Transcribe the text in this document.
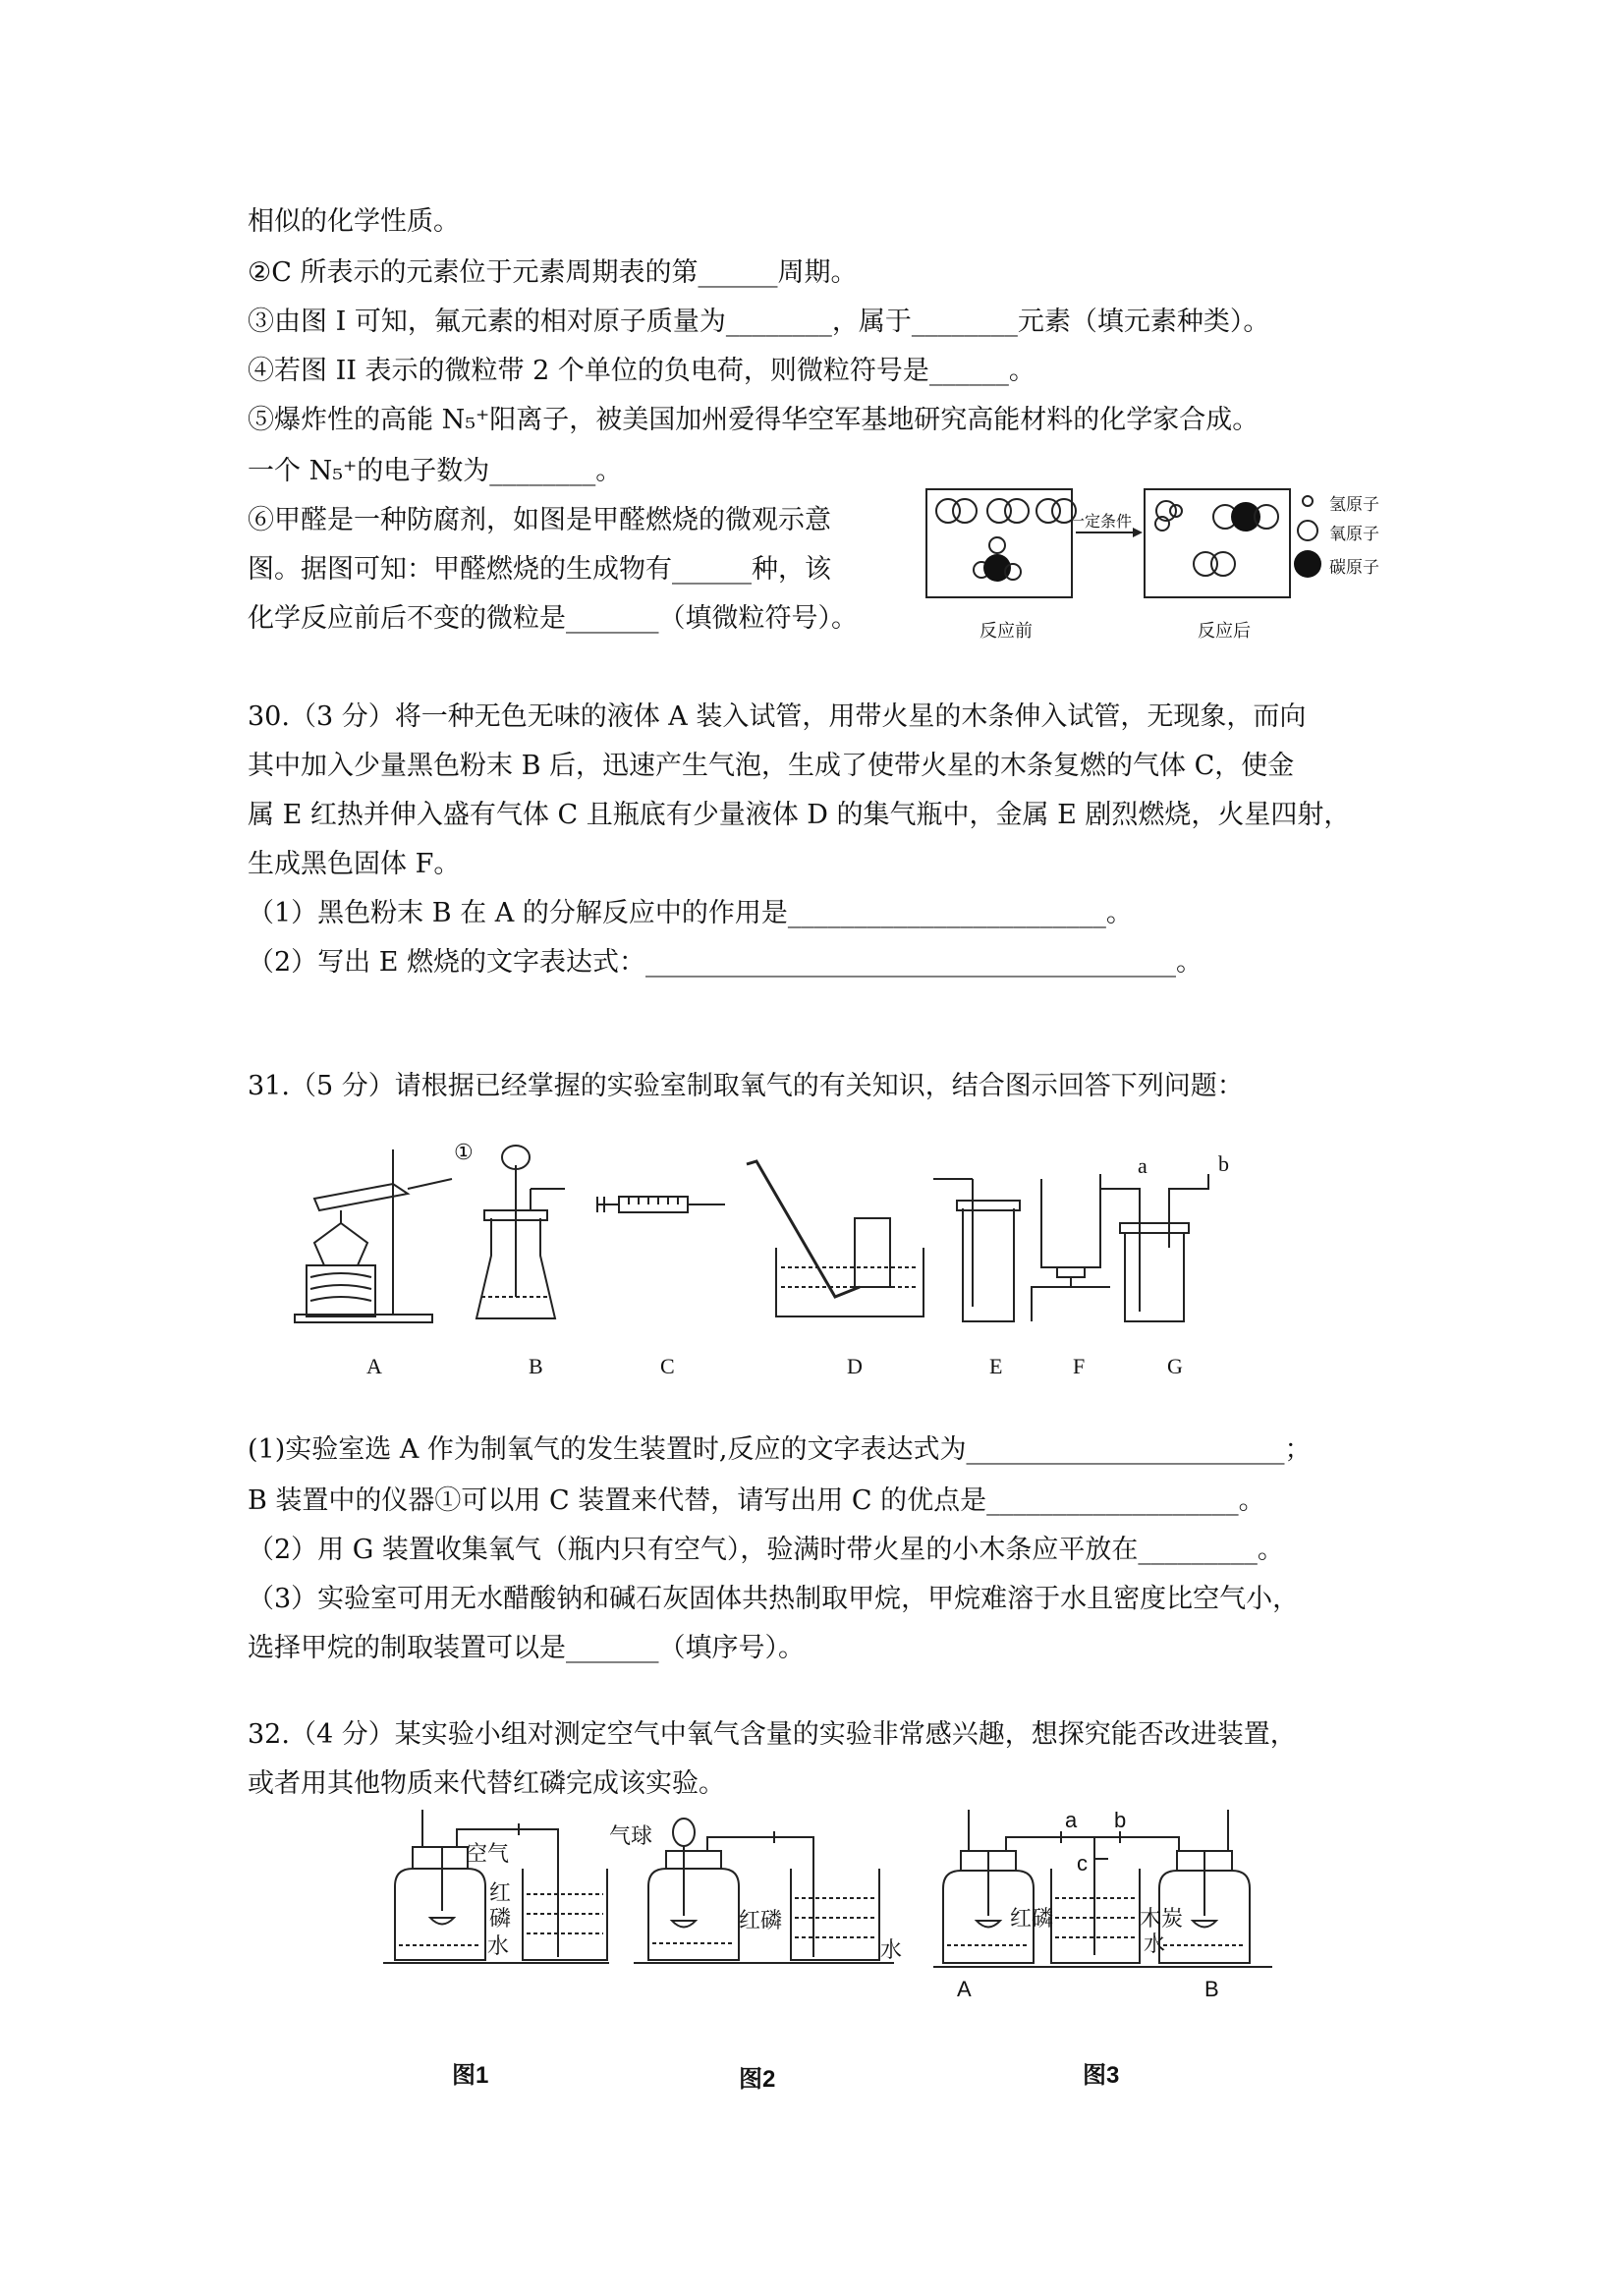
相似的化学性质。
②C 所表示的元素位于元素周期表的第______周期。
③由图 I 可知，氟元素的相对原子质量为________，属于________元素（填元素种类）。
④若图 II 表示的微粒带 2 个单位的负电荷，则微粒符号是______。
⑤爆炸性的高能 N₅⁺阳离子，被美国加州爱得华空军基地研究高能材料的化学家合成。
一个 N₅⁺的电子数为________。
⑥甲醛是一种防腐剂，如图是甲醛燃烧的微观示意
图。据图可知：甲醛燃烧的生成物有______种，该
化学反应前后不变的微粒是_______（填微粒符号）。
一定条件
反应前	反应后
氢原子
氧原子
碳原子
30.（3 分）将一种无色无味的液体 A 装入试管，用带火星的木条伸入试管，无现象，而向
其中加入少量黑色粉末 B 后，迅速产生气泡，生成了使带火星的木条复燃的气体 C，使金
属 E 红热并伸入盛有气体 C 且瓶底有少量液体 D 的集气瓶中，金属 E 剧烈燃烧，火星四射，
生成黑色固体 F。
（1）黑色粉末 B 在 A 的分解反应中的作用是________________________。
（2）写出 E 燃烧的文字表达式：________________________________________。
31.（5 分）请根据已经掌握的实验室制取氧气的有关知识，结合图示回答下列问题：
①
a	b
A	B	C	D	E	F	G
(1)实验室选 A 作为制氧气的发生装置时,反应的文字表达式为________________________；
B 装置中的仪器①可以用 C 装置来代替，请写出用 C 的优点是___________________。
（2）用 G 装置收集氧气（瓶内只有空气），验满时带火星的小木条应平放在_________。
（3）实验室可用无水醋酸钠和碱石灰固体共热制取甲烷，甲烷难溶于水且密度比空气小，
选择甲烷的制取装置可以是_______（填序号）。
32.（4 分）某实验小组对测定空气中氧气含量的实验非常感兴趣，想探究能否改进装置，
或者用其他物质来代替红磷完成该实验。
空气
红
磷
水
气球
红磷
水
a b
c
红磷	木炭
水
A	B
图1	图2	图3
